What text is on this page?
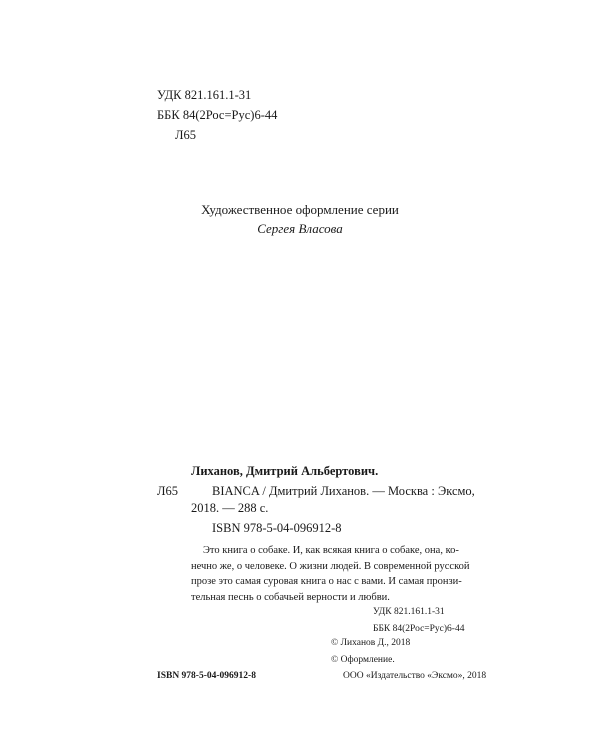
УДК 821.161.1-31
ББК 84(2Рос=Рус)6-44
Л65
Художественное оформление серии
Сергея Власова
Лиханов, Дмитрий Альбертович.
Л65	BIANCA / Дмитрий Лиханов. — Москва : Эксмо,
2018. — 288 с.
ISBN 978-5-04-096912-8
Это книга о собаке. И, как всякая книга о собаке, она, ко-
нечно же, о человеке. О жизни людей. В современной русской
прозе это самая суровая книга о нас с вами. И самая пронзи-
тельная песнь о собачьей верности и любви.
УДК 821.161.1-31
ББК 84(2Рос=Рус)6-44
ISBN 978-5-04-096912-8
© Лиханов Д., 2018
© Оформление.
ООО «Издательство «Эксмо», 2018
